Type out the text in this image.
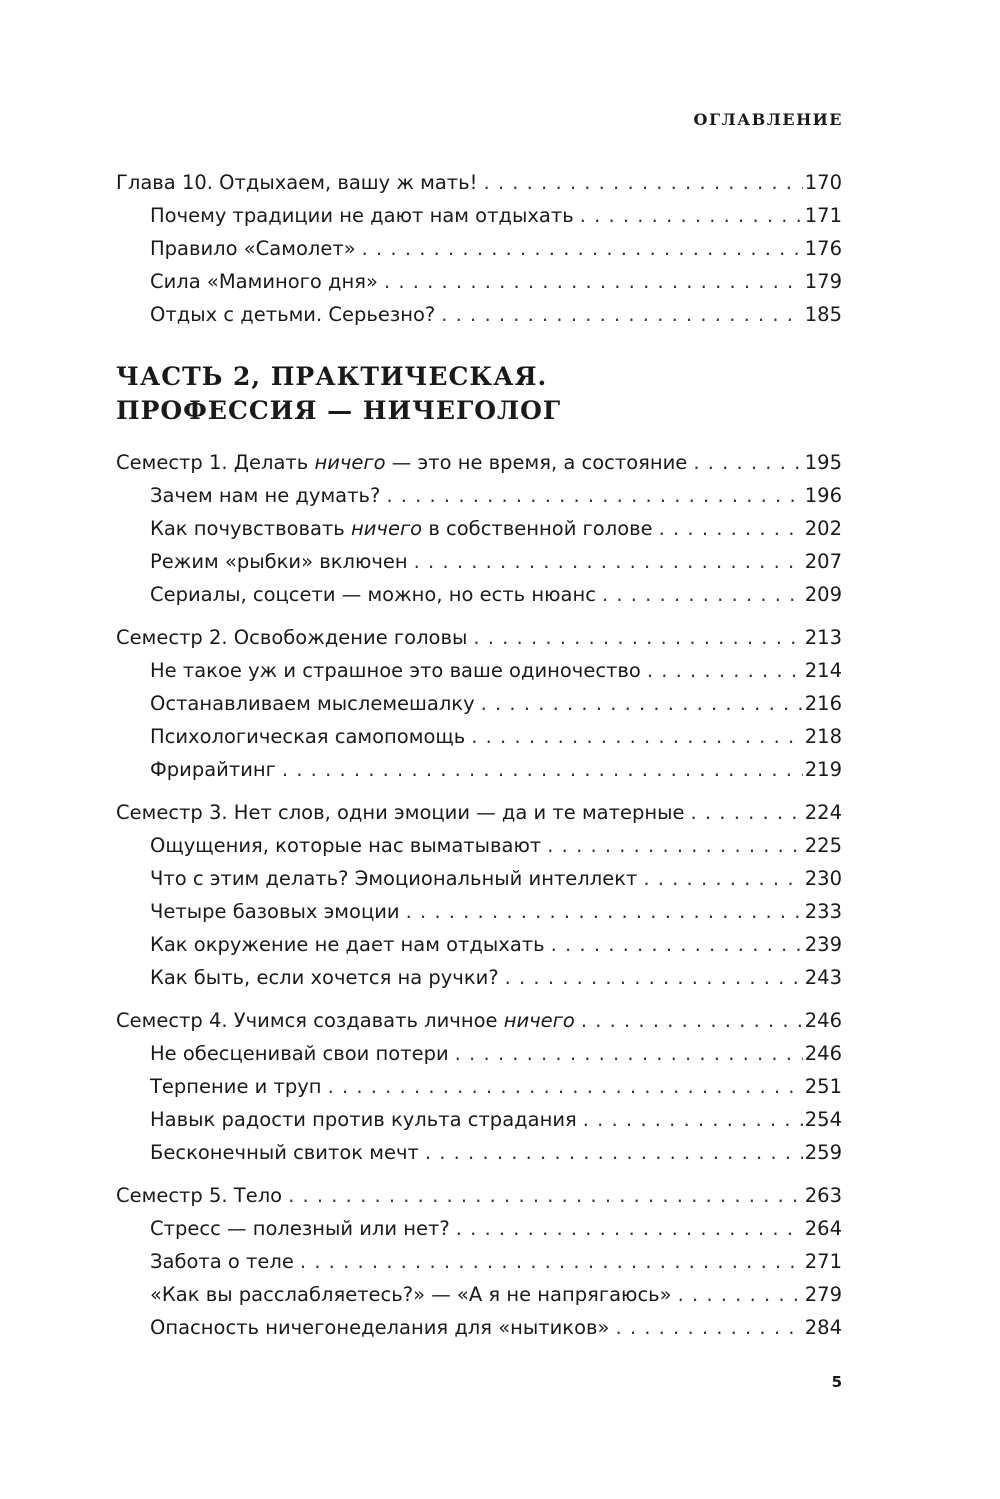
ОГЛАВЛЕНИЕ
Глава 10. Отдыхаем, вашу ж мать! . . .	170
Почему традиции не дают нам отдыхать . . .	171
Правило «Самолет» . . .	176
Сила «Маминого дня» . . .	179
Отдых с детьми. Серьезно? . . .	185
ЧАСТЬ 2, ПРАКТИЧЕСКАЯ.
ПРОФЕССИЯ — НИЧЕГОЛОГ
Семестр 1. Делать ничего — это не время, а состояние . . .	195
Зачем нам не думать? . . .	196
Как почувствовать ничего в собственной голове . . .	202
Режим «рыбки» включен . . .	207
Сериалы, соцсети — можно, но есть нюанс . . .	209
Семестр 2. Освобождение головы . . .	213
Не такое уж и страшное это ваше одиночество . . .	214
Останавливаем мыслемешалку . . .	216
Психологическая самопомощь . . .	218
Фрирайтинг . . .	219
Семестр 3. Нет слов, одни эмоции — да и те матерные . . .	224
Ощущения, которые нас выматывают . . .	225
Что с этим делать? Эмоциональный интеллект . . .	230
Четыре базовых эмоции . . .	233
Как окружение не дает нам отдыхать . . .	239
Как быть, если хочется на ручки? . . .	243
Семестр 4. Учимся создавать личное ничего . . .	246
Не обесценивай свои потери . . .	246
Терпение и труп . . .	251
Навык радости против культа страдания . . .	254
Бесконечный свиток мечт . . .	259
Семестр 5. Тело . . .	263
Стресс — полезный или нет? . . .	264
Забота о теле . . .	271
«Как вы расслабляетесь?» — «А я не напрягаюсь» . . .	279
Опасность ничегонеделания для «нытиков» . . .	284
5
